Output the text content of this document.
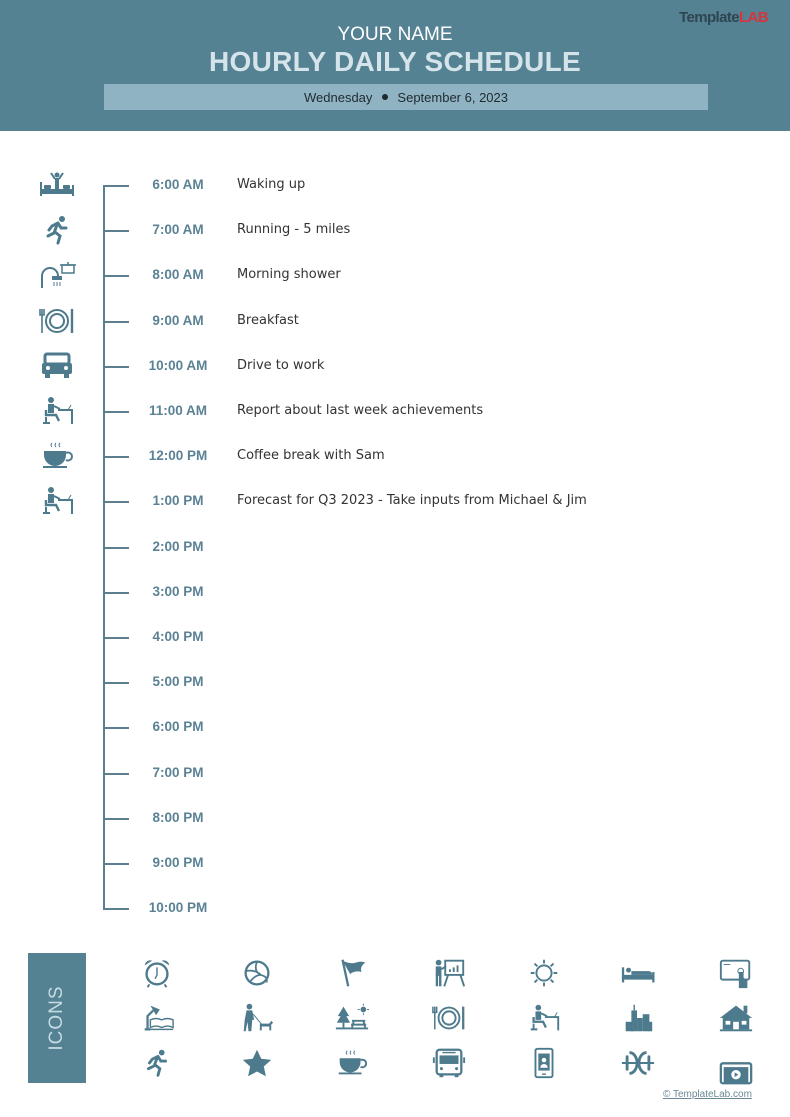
TemplateLAB
YOUR NAME
HOURLY DAILY SCHEDULE
Wednesday September 6, 2023
6:00 AM	Waking up
7:00 AM	Running - 5 miles
8:00 AM	Morning shower
9:00 AM	Breakfast
10:00 AM	Drive to work
11:00 AM	Report about last week achievements
12:00 PM	Coffee break with Sam
1:00 PM	Forecast for Q3 2023 - Take inputs from Michael & Jim
2:00 PM
3:00 PM
4:00 PM
5:00 PM
6:00 PM
7:00 PM
8:00 PM
9:00 PM
10:00 PM
ICONS
© TemplateLab.com
